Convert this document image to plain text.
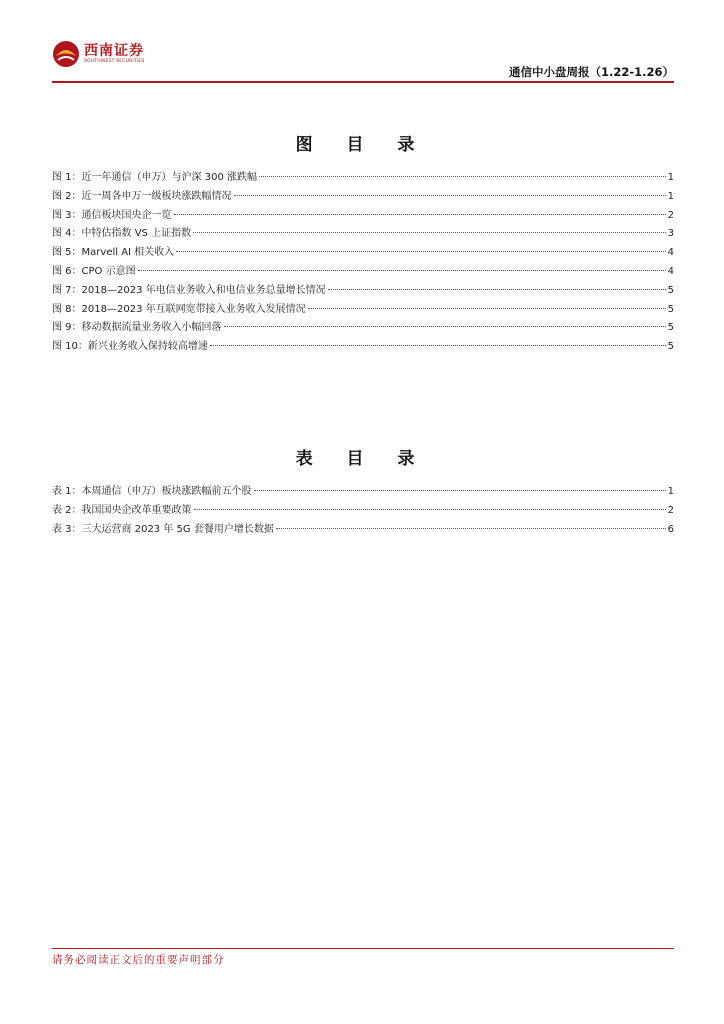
西南证券
SOUTHWEST SECURITIES
通信中小盘周报（1.22-1.26）
图 目 录
图 1：近一年通信（申万）与沪深 300 涨跌幅	1
图 2：近一周各申万一级板块涨跌幅情况	1
图 3：通信板块国央企一览	2
图 4：中特估指数 VS 上证指数	3
图 5：Marvell AI 相关收入	4
图 6：CPO 示意图	4
图 7：2018—2023 年电信业务收入和电信业务总量增长情况	5
图 8：2018—2023 年互联网宽带接入业务收入发展情况	5
图 9：移动数据流量业务收入小幅回落	5
图 10：新兴业务收入保持较高增速	5
表 目 录
表 1：本周通信（申万）板块涨跌幅前五个股	1
表 2：我国国央企改革重要政策	2
表 3：三大运营商 2023 年 5G 套餐用户增长数据	6
请务必阅读正文后的重要声明部分
